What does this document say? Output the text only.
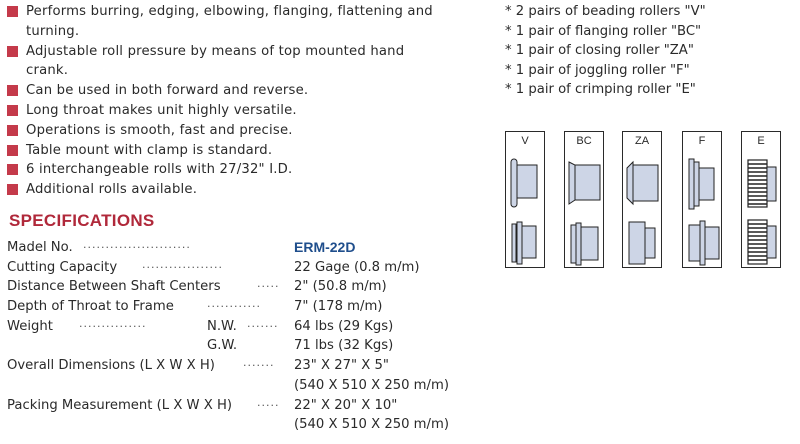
Performs burring, edging, elbowing, flanging, flattening and turning.
Adjustable roll pressure by means of top mounted hand crank.
Can be used in both forward and reverse.
Long throat makes unit highly versatile.
Operations is smooth, fast and precise.
Table mount with clamp is standard.
6 interchangeable rolls with 27/32" I.D.
Additional rolls available.
SPECIFICATIONS
Madel No. ························	ERM-22D
Cutting Capacity ··················	22 Gage (0.8 m/m)
Distance Between Shaft Centers	····· 2" (50.8 m/m)
Depth of Throat to Frame	············	7" (178 m/m)
Weight ···············	N.W. ······· 64 lbs (29 Kgs)
G.W.	71 lbs (32 Kgs)
Overall Dimensions (L X W X H)	······· 23" X 27" X 5"
(540 X 510 X 250 m/m)
Packing Measurement (L X W X H) ····· 22" X 20" X 10"
(540 X 510 X 250 m/m)
* 2 pairs of beading rollers "V"
* 1 pair of flanging roller "BC"
* 1 pair of closing roller "ZA"
* 1 pair of joggling roller "F"
* 1 pair of crimping roller "E"
V	BC	ZA	F	E
